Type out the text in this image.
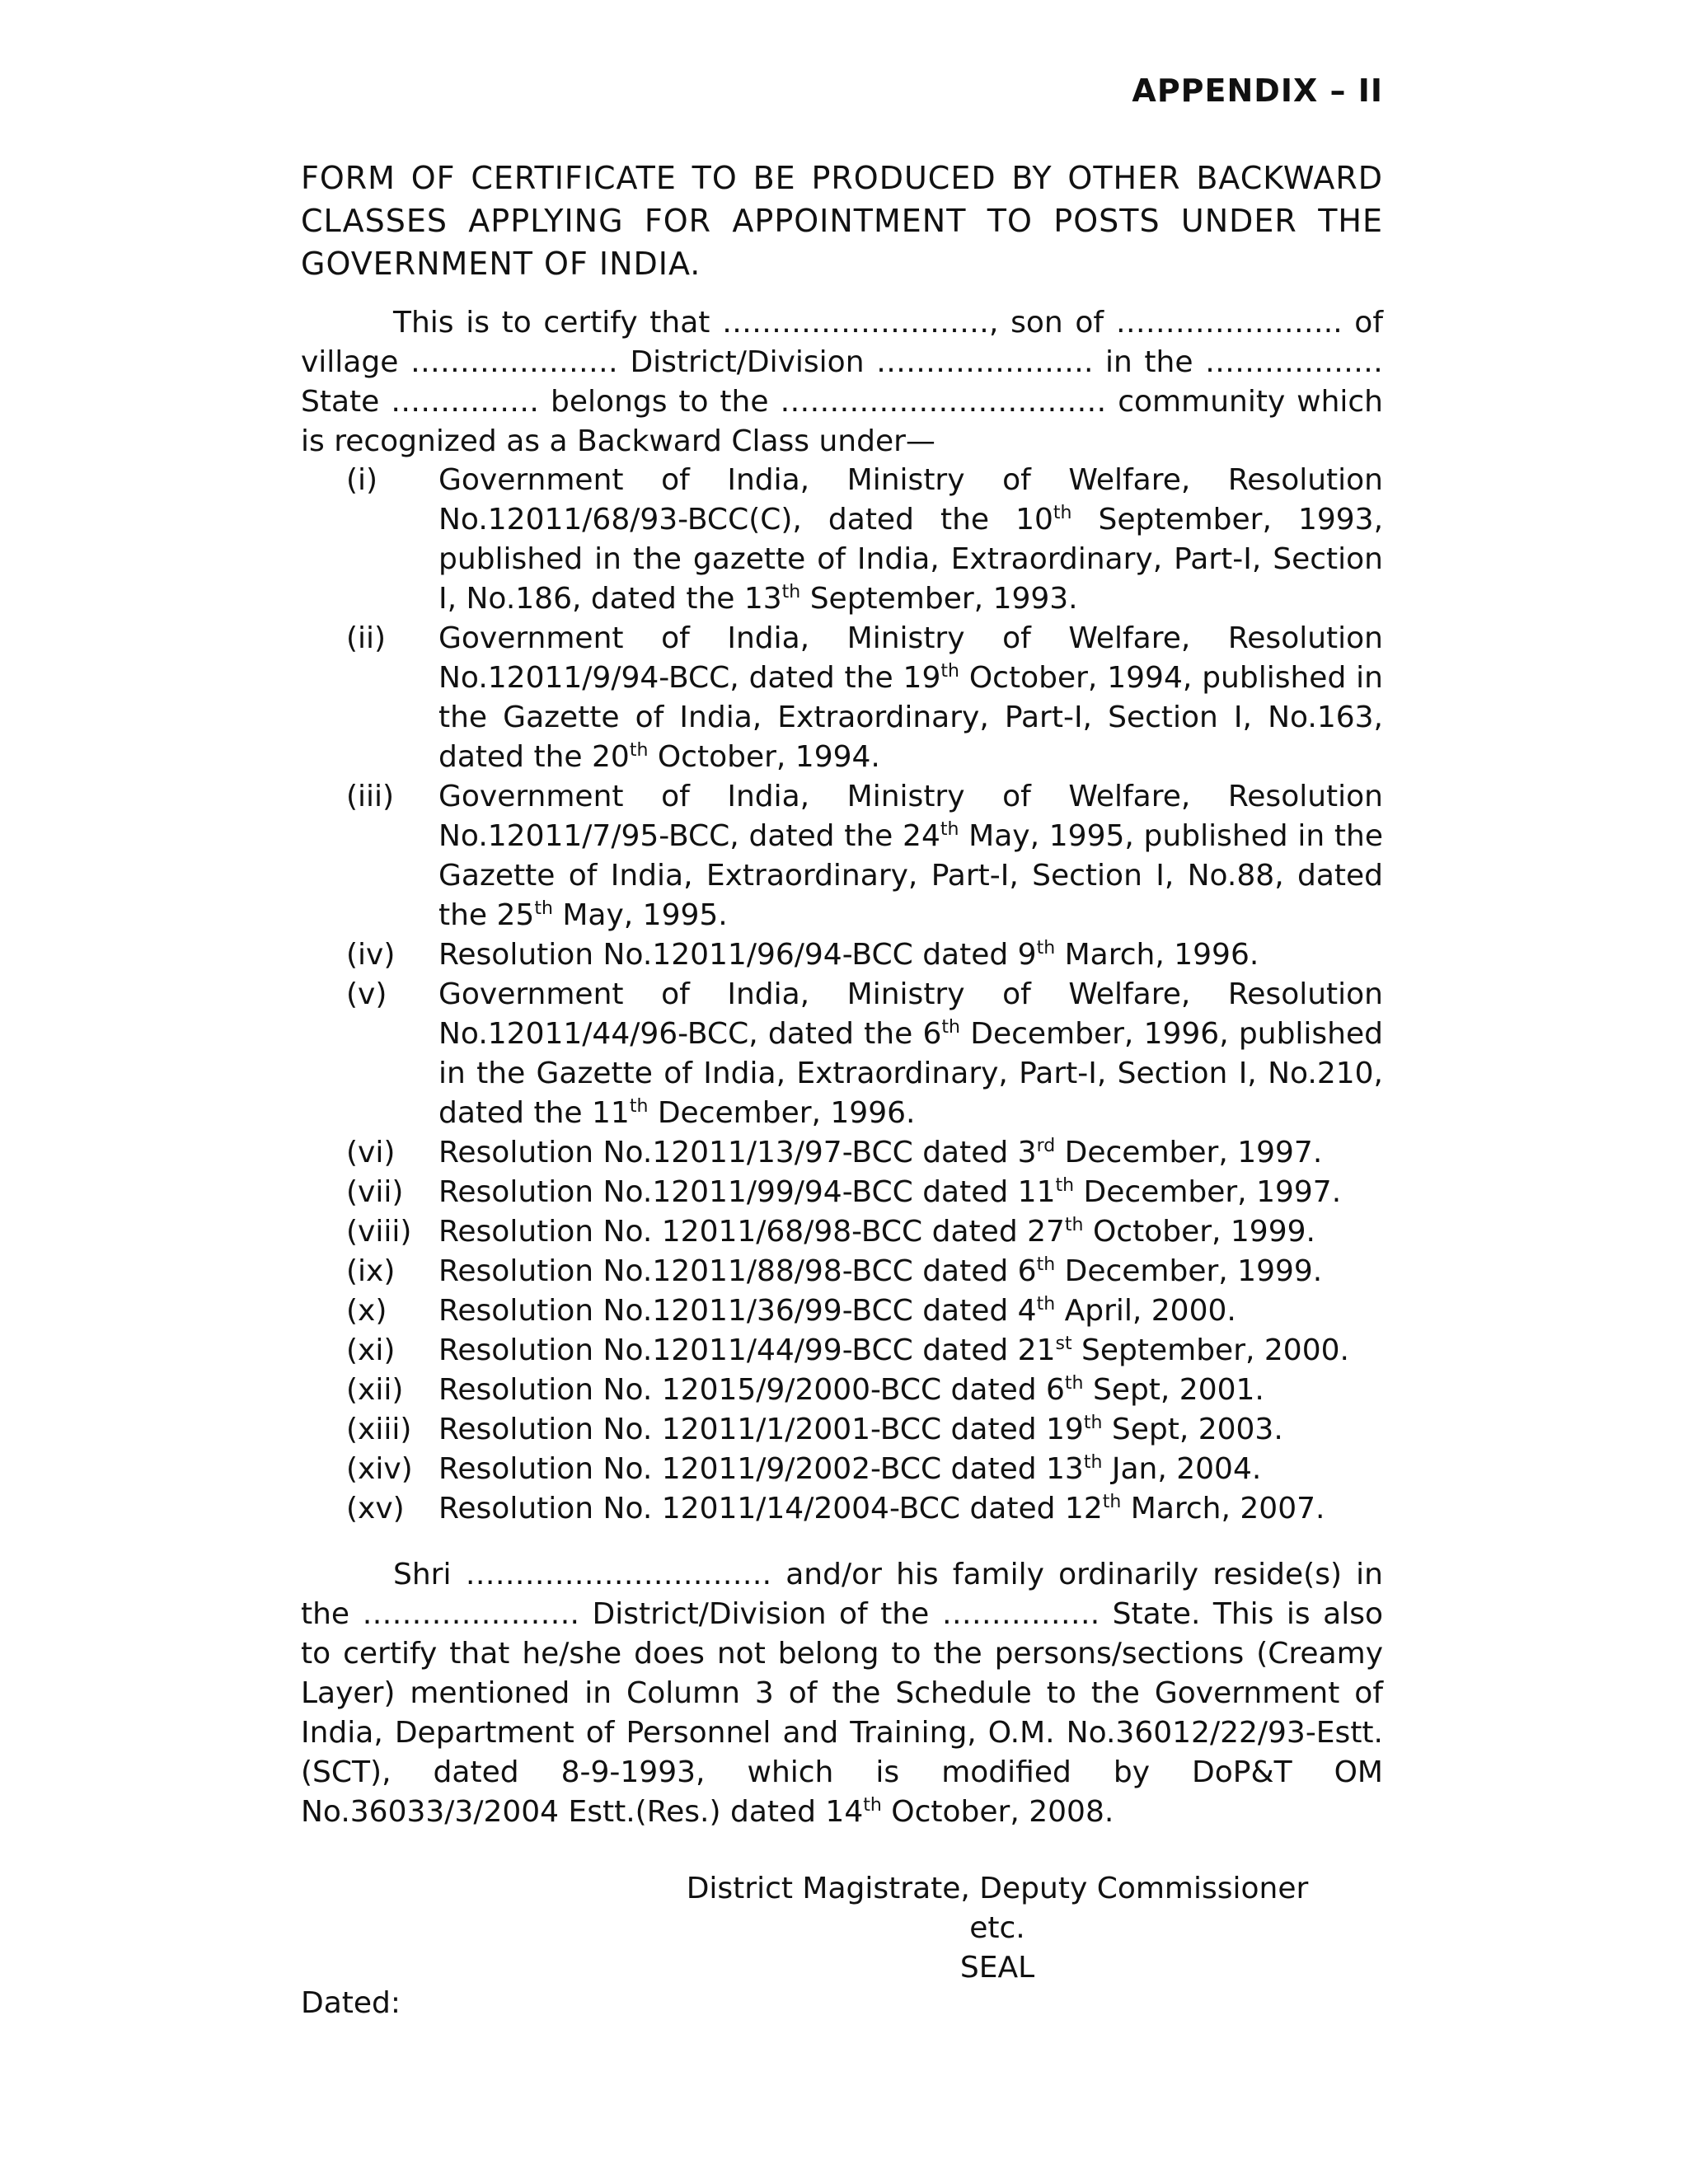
APPENDIX – II
FORM OF CERTIFICATE TO BE PRODUCED BY OTHER BACKWARD CLASSES APPLYING FOR APPOINTMENT TO POSTS UNDER THE GOVERNMENT OF INDIA.
This is to certify that ………………………, son of ………………….. of village ………………… District/Division …………………. in the ………………State …………… belongs to the …………………………… community which is recognized as a Backward Class under—
(i)	Government of India, Ministry of Welfare, Resolution No.12011/68/93-BCC(C), dated the 10th September, 1993, published in the gazette of India, Extraordinary, Part-I, Section I, No.186, dated the 13th September, 1993.
(ii)	Government of India, Ministry of Welfare, Resolution No.12011/9/94-BCC, dated the 19th October, 1994, published in the Gazette of India, Extraordinary, Part-I, Section I, No.163, dated the 20th October, 1994.
(iii)	Government of India, Ministry of Welfare, Resolution No.12011/7/95-BCC, dated the 24th May, 1995, published in the Gazette of India, Extraordinary, Part-I, Section I, No.88, dated the 25th May, 1995.
(iv)	Resolution No.12011/96/94-BCC dated 9th March, 1996.
(v)	Government of India, Ministry of Welfare, Resolution No.12011/44/96-BCC, dated the 6th December, 1996, published in the Gazette of India, Extraordinary, Part-I, Section I, No.210, dated the 11th December, 1996.
(vi)	Resolution No.12011/13/97-BCC dated 3rd December, 1997.
(vii)	Resolution No.12011/99/94-BCC dated 11th December, 1997.
(viii) Resolution No. 12011/68/98-BCC dated 27th October, 1999.
(ix)	Resolution No.12011/88/98-BCC dated 6th December, 1999.
(x)	Resolution No.12011/36/99-BCC dated 4th April, 2000.
(xi)	Resolution No.12011/44/99-BCC dated 21st September, 2000.
(xii)	Resolution No. 12015/9/2000-BCC dated 6th Sept, 2001.
(xiii) Resolution No. 12011/1/2001-BCC dated 19th Sept, 2003.
(xiv) Resolution No. 12011/9/2002-BCC dated 13th Jan, 2004.
(xv)	Resolution No. 12011/14/2004-BCC dated 12th March, 2007.
Shri …………………………. and/or his family ordinarily reside(s) in the …………………. District/Division of the ……………. State. This is also to certify that he/she does not belong to the persons/sections (Creamy Layer) mentioned in Column 3 of the Schedule to the Government of India, Department of Personnel and Training, O.M. No.36012/22/93-Estt.(SCT), dated 8-9-1993, which is modified by DoP&T OM No.36033/3/2004 Estt.(Res.) dated 14th October, 2008.
District Magistrate, Deputy Commissioner etc.
SEAL
Dated:
